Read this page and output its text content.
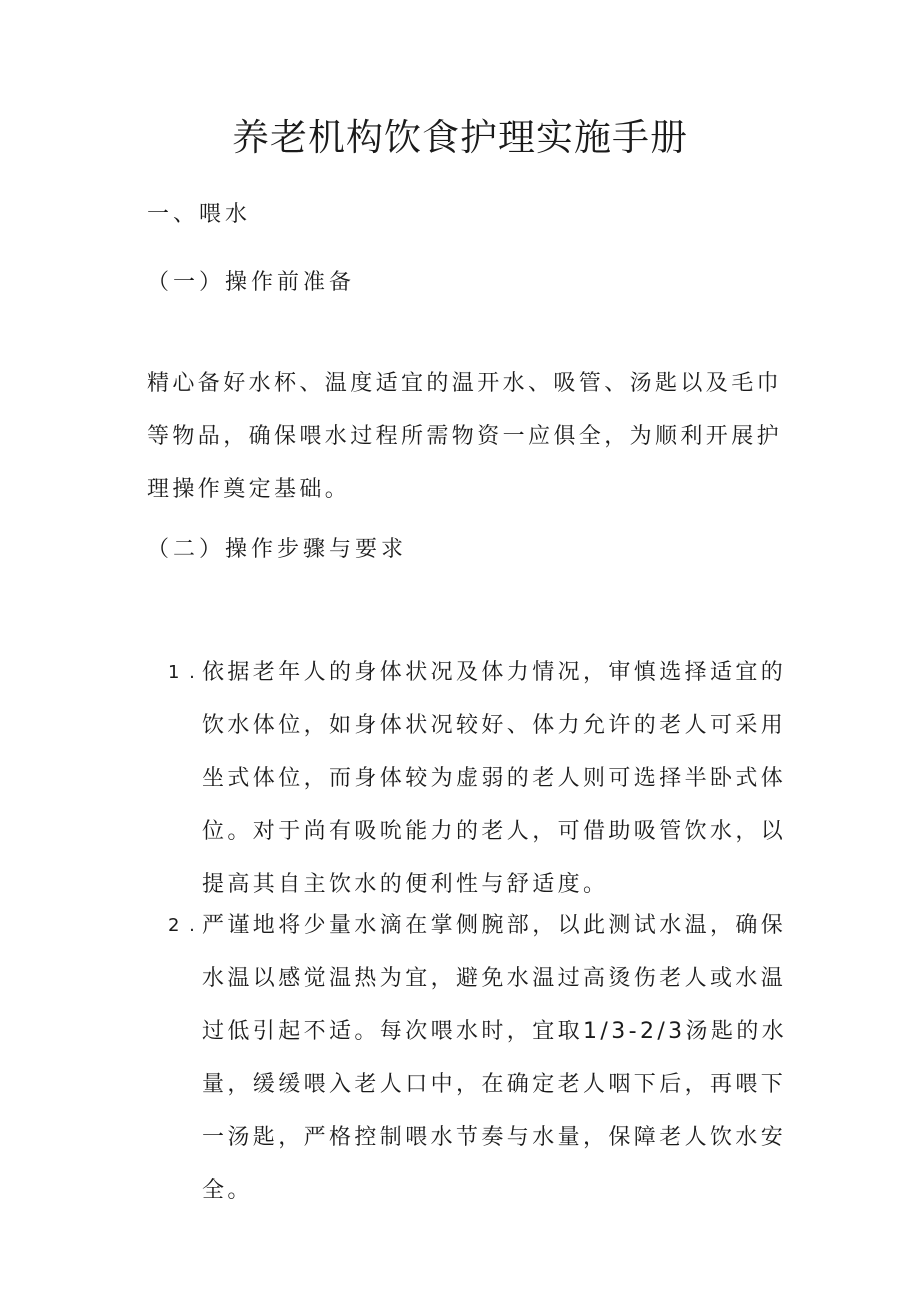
养老机构饮食护理实施手册
一、喂水
（一）操作前准备

精心备好水杯、温度适宜的温开水、吸管、汤匙以及毛巾等物品，确保喂水过程所需物资一应俱全，为顺利开展护理操作奠定基础。

（二）操作步骤与要求
1 . 依据老年人的身体状况及体力情况，审慎选择适宜的饮水体位，如身体状况较好、体力允许的老人可采用坐式体位，而身体较为虚弱的老人则可选择半卧式体位。对于尚有吸吮能力的老人，可借助吸管饮水，以提高其自主饮水的便利性与舒适度。
2 . 严谨地将少量水滴在掌侧腕部，以此测试水温，确保水温以感觉温热为宜，避免水温过高烫伤老人或水温过低引起不适。每次喂水时，宜取1/3-2/3汤匙的水量，缓缓喂入老人口中，在确定老人咽下后，再喂下一汤匙，严格控制喂水节奏与水量，保障老人饮水安全。
